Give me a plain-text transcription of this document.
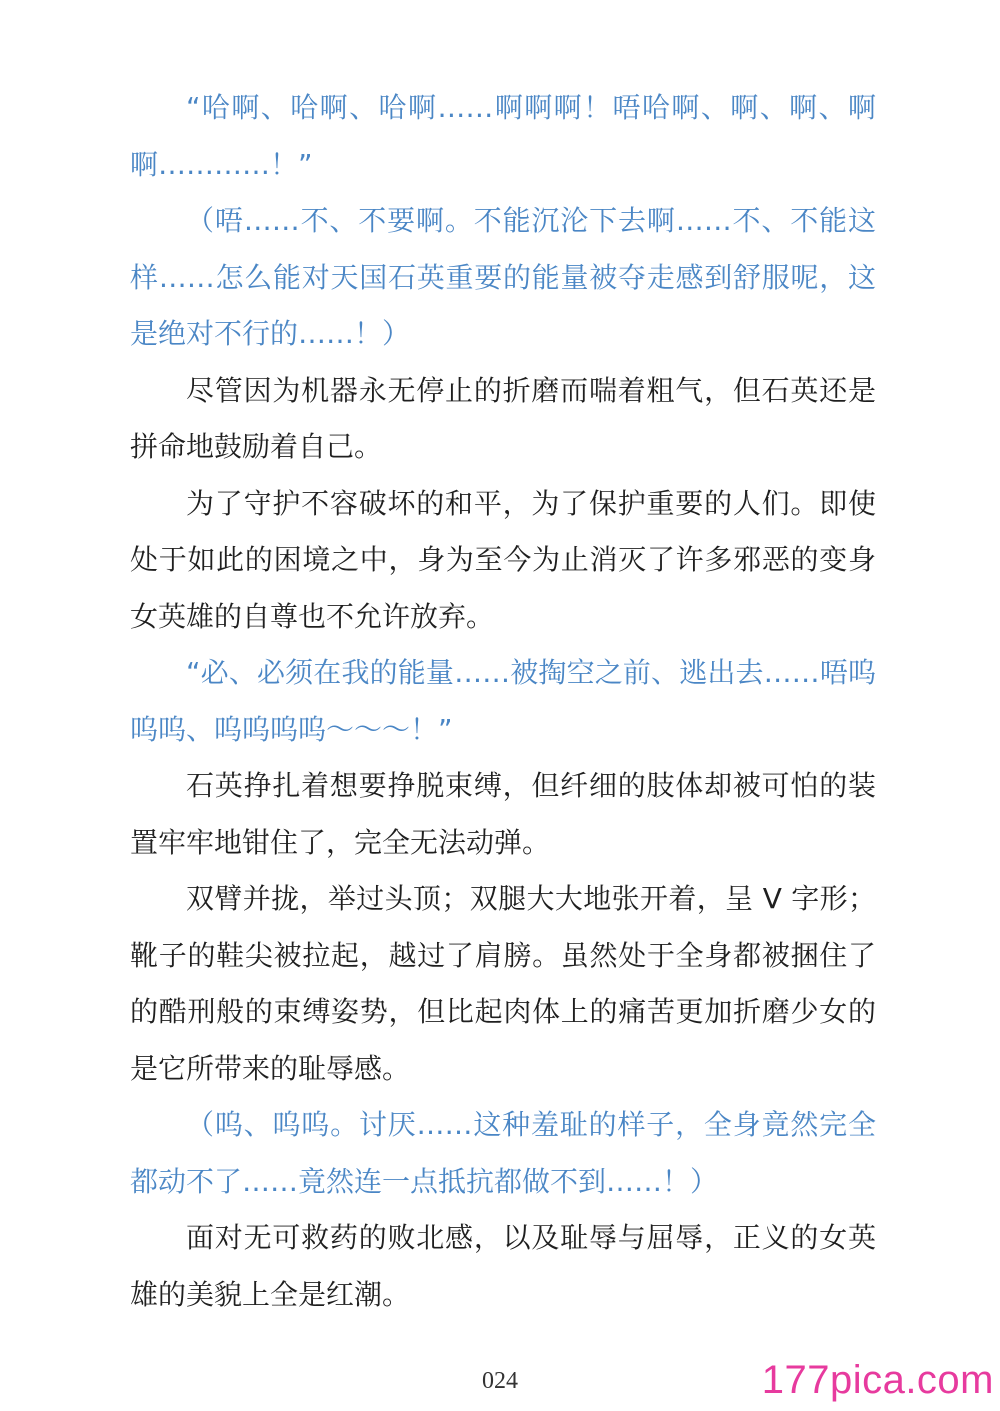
“哈啊、哈啊、哈啊……啊啊啊！唔哈啊、啊、啊、啊啊…………！”

（唔……不、不要啊。不能沉沦下去啊……不、不能这样……怎么能对天国石英重要的能量被夺走感到舒服呢，这是绝对不行的……！）

尽管因为机器永无停止的折磨而喘着粗气，但石英还是拼命地鼓励着自己。

为了守护不容破坏的和平，为了保护重要的人们。即使处于如此的困境之中，身为至今为止消灭了许多邪恶的变身女英雄的自尊也不允许放弃。

“必、必须在我的能量……被掏空之前、逃出去……唔呜呜呜、呜呜呜呜～～～！”

石英挣扎着想要挣脱束缚，但纤细的肢体却被可怕的装置牢牢地钳住了，完全无法动弹。

双臂并拢，举过头顶；双腿大大地张开着，呈 V 字形；靴子的鞋尖被拉起，越过了肩膀。虽然处于全身都被捆住了的酷刑般的束缚姿势，但比起肉体上的痛苦更加折磨少女的是它所带来的耻辱感。

（呜、呜呜。讨厌……这种羞耻的样子，全身竟然完全都动不了……竟然连一点抵抗都做不到……！）

面对无可救药的败北感，以及耻辱与屈辱，正义的女英雄的美貌上全是红潮。

024	177pica.com
